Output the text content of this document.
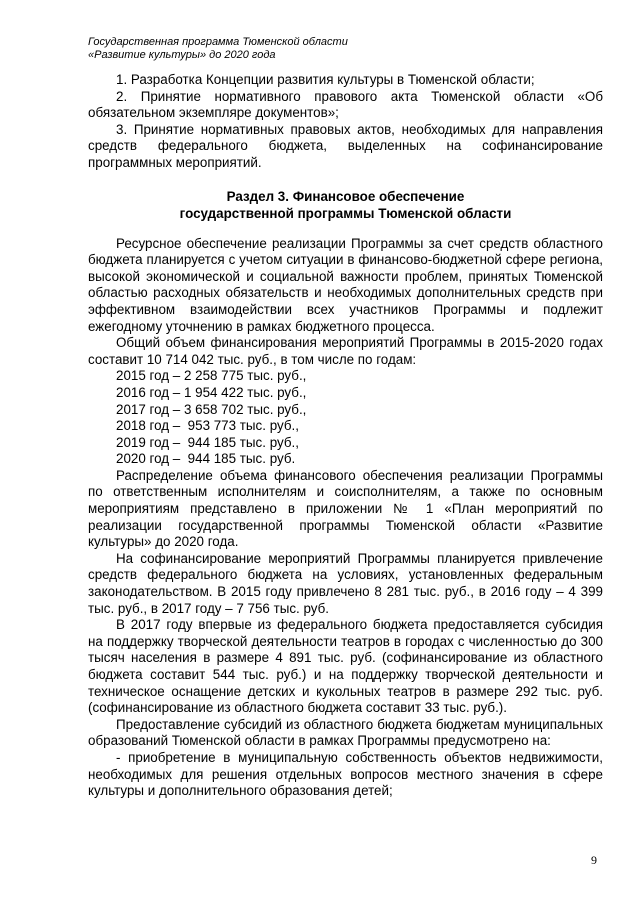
Государственная программа Тюменской области
«Развитие культуры» до 2020 года

1. Разработка Концепции развития культуры в Тюменской области;

2. Принятие нормативного правового акта Тюменской области «Об обязательном экземпляре документов»;

3. Принятие нормативных правовых актов, необходимых для направления средств федерального бюджета, выделенных на софинансирование программных мероприятий.

Раздел 3. Финансовое обеспечение
государственной программы Тюменской области

Ресурсное обеспечение реализации Программы за счет средств областного бюджета планируется с учетом ситуации в финансово-бюджетной сфере региона, высокой экономической и социальной важности проблем, принятых Тюменской областью расходных обязательств и необходимых дополнительных средств при эффективном взаимодействии всех участников Программы и подлежит ежегодному уточнению в рамках бюджетного процесса.

Общий объем финансирования мероприятий Программы в 2015-2020 годах составит 10 714 042 тыс. руб., в том числе по годам:

2015 год – 2 258 775 тыс. руб.,

2016 год – 1 954 422 тыс. руб.,

2017 год – 3 658 702 тыс. руб.,

2018 год –  953 773 тыс. руб.,

2019 год –  944 185 тыс. руб.,

2020 год –  944 185 тыс. руб.

Распределение объема финансового обеспечения реализации Программы по ответственным исполнителям и соисполнителям, а также по основным мероприятиям представлено в приложении № 1 «План мероприятий по реализации государственной программы Тюменской области «Развитие культуры» до 2020 года.

На софинансирование мероприятий Программы планируется привлечение средств федерального бюджета на условиях, установленных федеральным законодательством. В 2015 году привлечено 8 281 тыс. руб., в 2016 году – 4 399 тыс. руб., в 2017 году – 7 756 тыс. руб.

В 2017 году впервые из федерального бюджета предоставляется субсидия на поддержку творческой деятельности театров в городах с численностью до 300 тысяч населения в размере 4 891 тыс. руб. (софинансирование из областного бюджета составит 544 тыс. руб.) и на поддержку творческой деятельности и техническое оснащение детских и кукольных театров в размере 292 тыс. руб. (софинансирование из областного бюджета составит 33 тыс. руб.).

Предоставление субсидий из областного бюджета бюджетам муниципальных образований Тюменской области в рамках Программы предусмотрено на:

- приобретение в муниципальную собственность объектов недвижимости, необходимых для решения отдельных вопросов местного значения в сфере культуры и дополнительного образования детей;

9
